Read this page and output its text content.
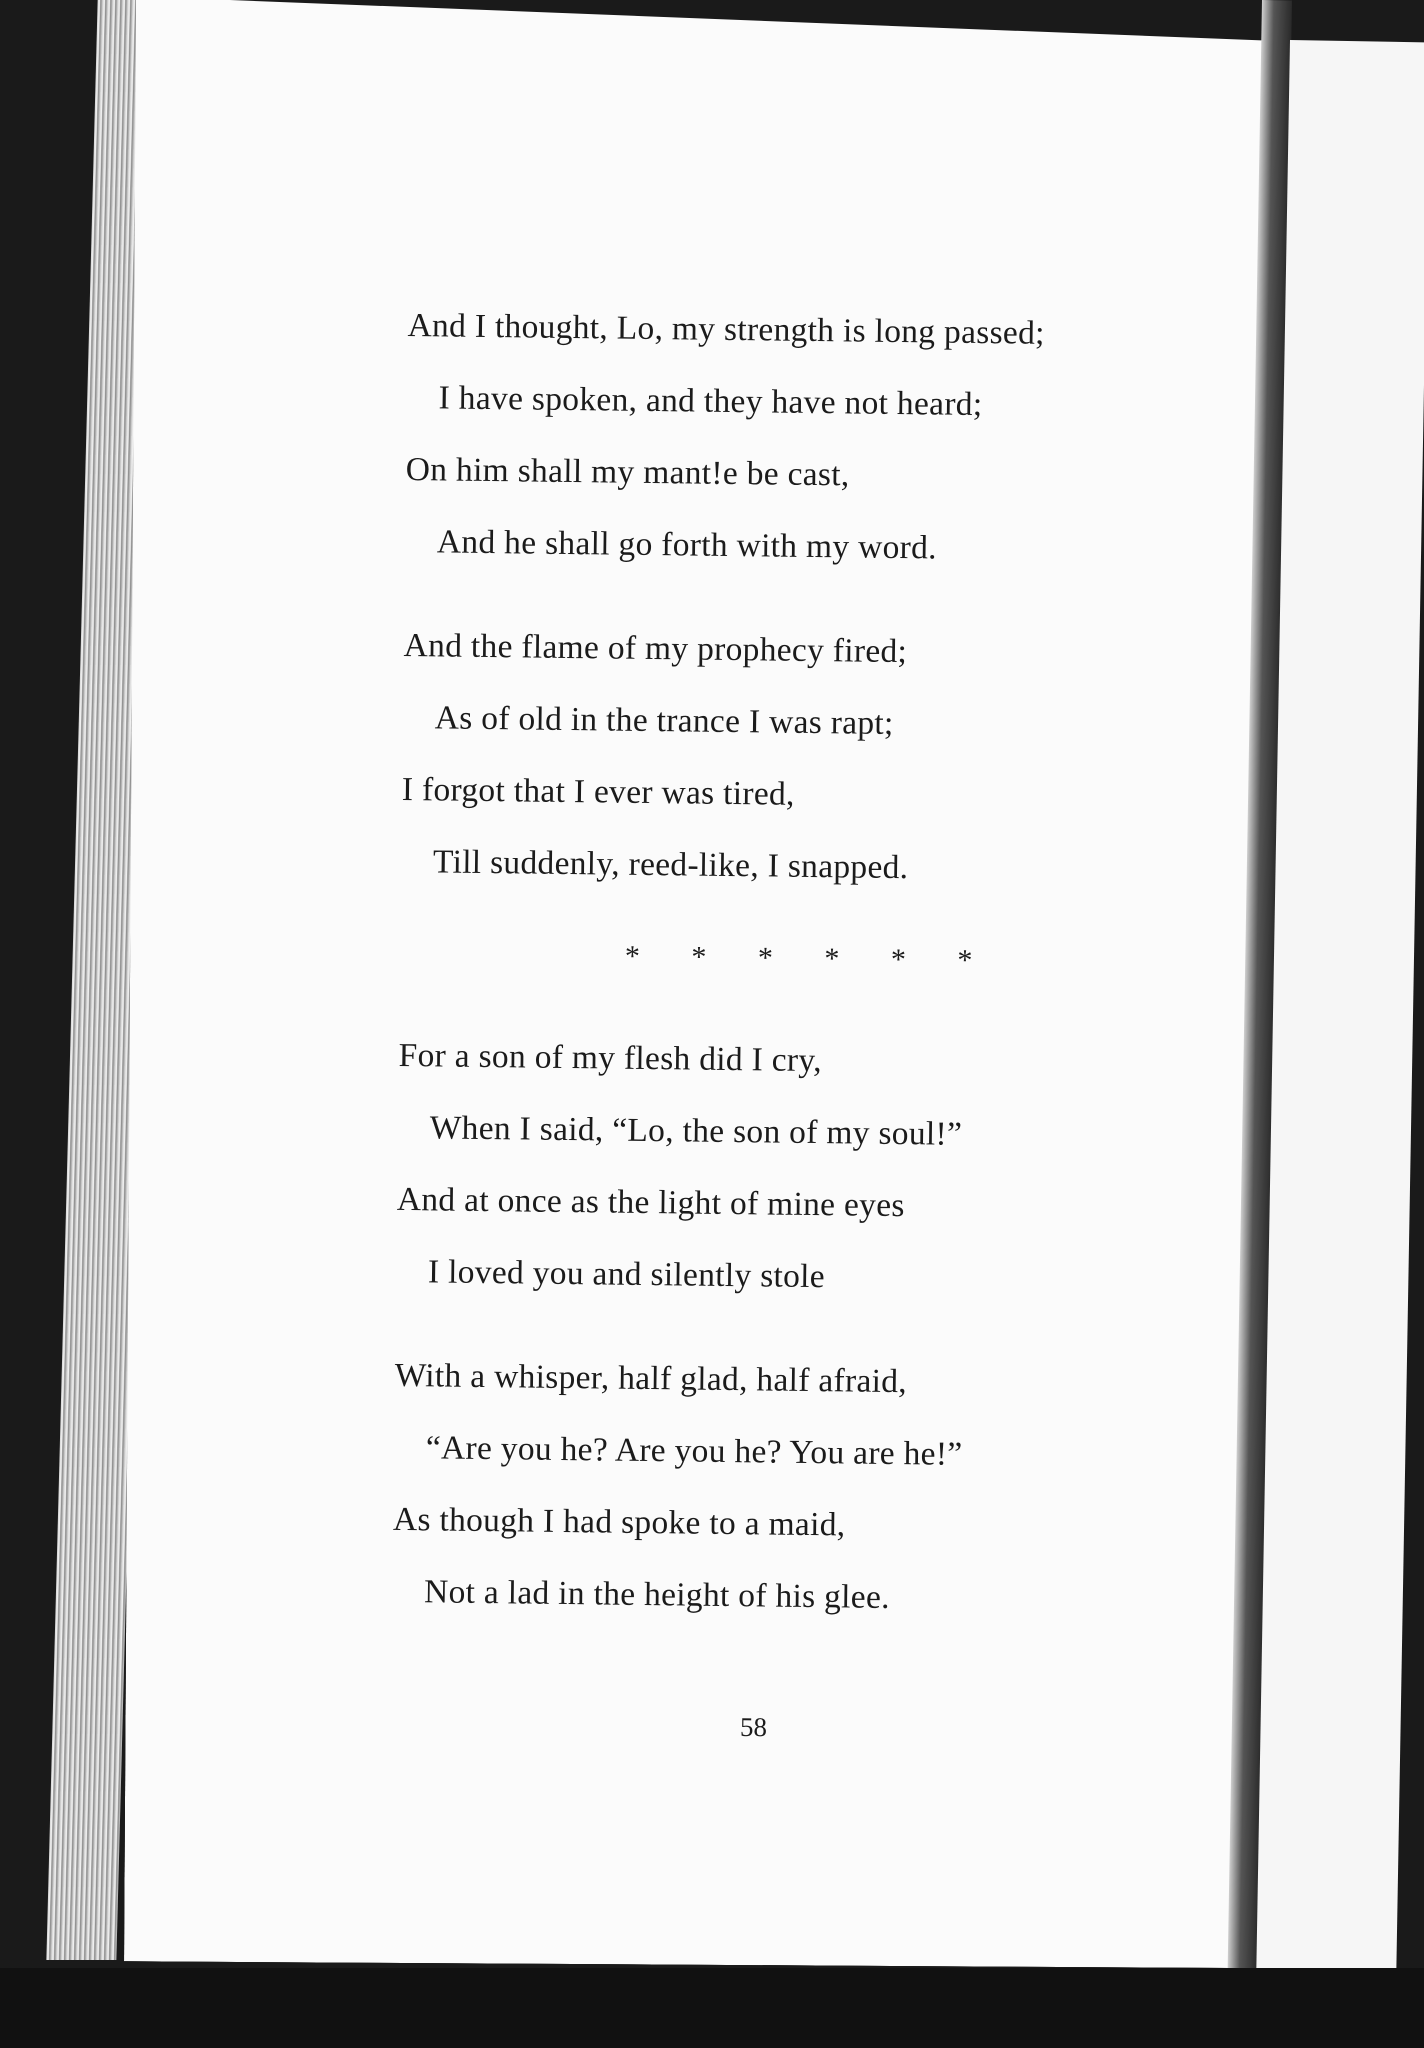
And I thought, Lo, my strength is long passed;
I have spoken, and they have not heard;
On him shall my mant!e be cast,
And he shall go forth with my word.
And the flame of my prophecy fired;
As of old in the trance I was rapt;
I forgot that I ever was tired,
Till suddenly, reed-like, I snapped.
* * * * * *
For a son of my flesh did I cry,
When I said, “Lo, the son of my soul!”
And at once as the light of mine eyes
I loved you and silently stole
With a whisper, half glad, half afraid,
“Are you he? Are you he? You are he!”
As though I had spoke to a maid,
Not a lad in the height of his glee.
58
